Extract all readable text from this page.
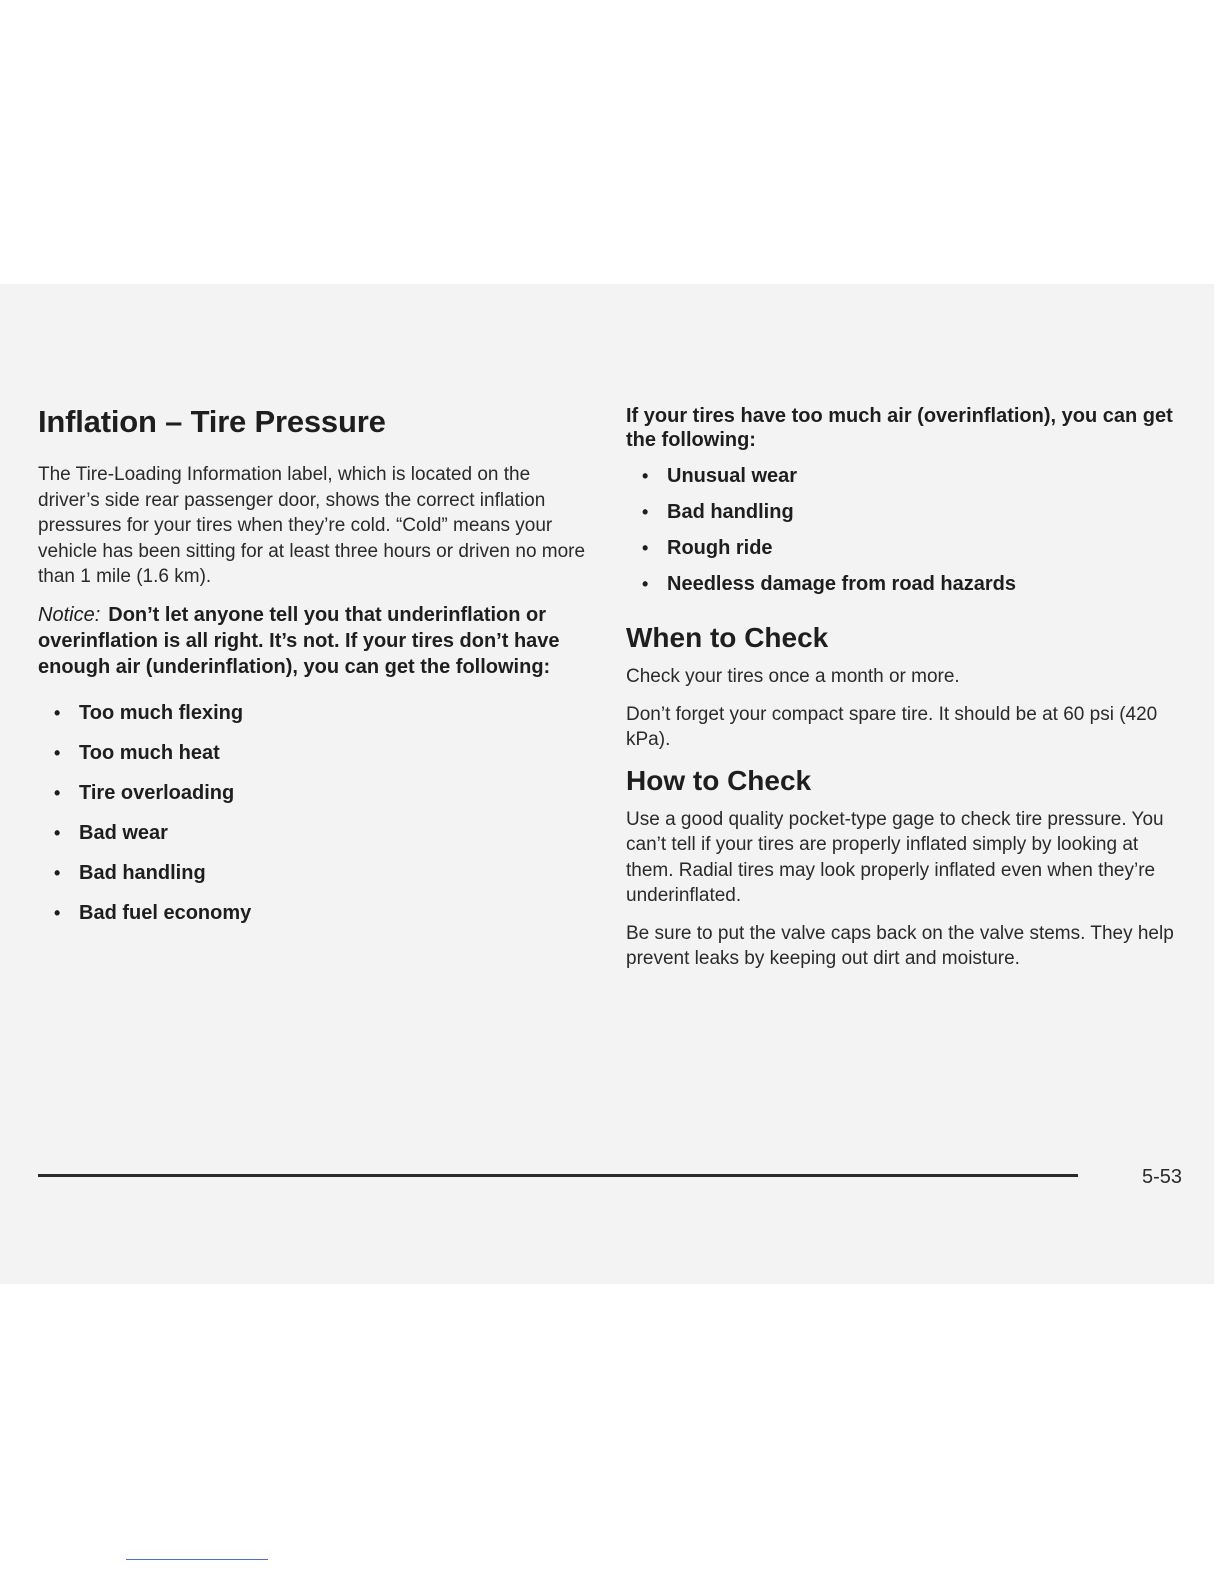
Inflation – Tire Pressure

The Tire-Loading Information label, which is located on the driver’s side rear passenger door, shows the correct inflation pressures for your tires when they’re cold. “Cold” means your vehicle has been sitting for at least three hours or driven no more than 1 mile (1.6 km).

Notice: Don’t let anyone tell you that underinflation or overinflation is all right. It’s not. If your tires don’t have enough air (underinflation), you can get the following:

• Too much flexing
• Too much heat
• Tire overloading
• Bad wear
• Bad handling
• Bad fuel economy

If your tires have too much air (overinflation), you can get the following:

• Unusual wear
• Bad handling
• Rough ride
• Needless damage from road hazards
When to Check

Check your tires once a month or more.

Don’t forget your compact spare tire. It should be at 60 psi (420 kPa).

How to Check

Use a good quality pocket-type gage to check tire pressure. You can’t tell if your tires are properly inflated simply by looking at them. Radial tires may look properly inflated even when they’re underinflated.

Be sure to put the valve caps back on the valve stems. They help prevent leaks by keeping out dirt and moisture.

5-53
